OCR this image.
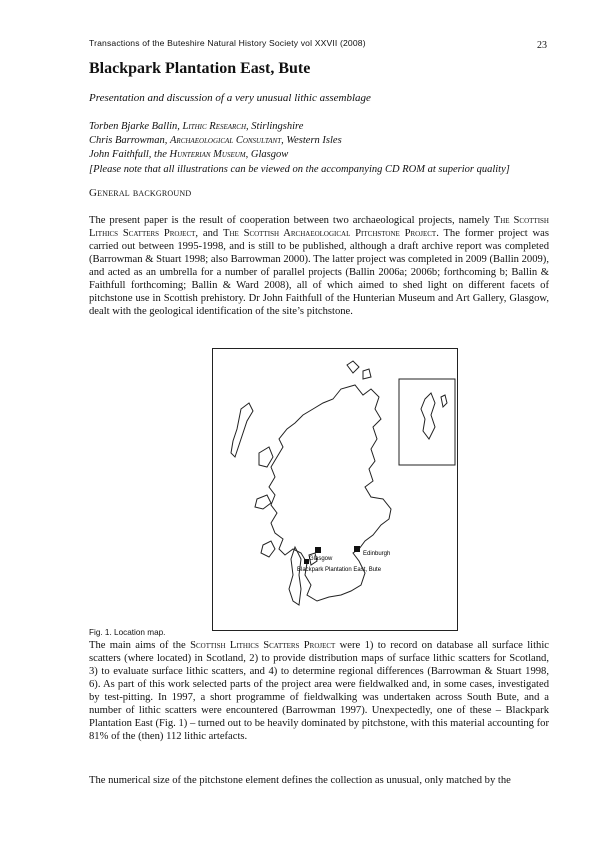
Transactions of the Buteshire Natural History Society vol XXVII (2008)	23
Blackpark Plantation East, Bute
Presentation and discussion of a very unusual lithic assemblage
Torben Bjarke Ballin, Lithic Research, Stirlingshire
Chris Barrowman, Archaeological Consultant, Western Isles
John Faithfull, the Hunterian Museum, Glasgow
[Please note that all illustrations can be viewed on the accompanying CD ROM at superior quality]
General background
The present paper is the result of cooperation between two archaeological projects, namely The Scottish Lithics Scatters Project, and The Scottish Archaeological Pitchstone Project. The former project was carried out between 1995-1998, and is still to be published, although a draft archive report was completed (Barrowman & Stuart 1998; also Barrowman 2000). The latter project was completed in 2009 (Ballin 2009), and acted as an umbrella for a number of parallel projects (Ballin 2006a; 2006b; forthcoming b; Ballin & Faithfull forthcoming; Ballin & Ward 2008), all of which aimed to shed light on different facets of pitchstone use in Scottish prehistory. Dr John Faithfull of the Hunterian Museum and Art Gallery, Glasgow, dealt with the geological identification of the site’s pitchstone.
Glasgow
Edinburgh
Blackpark Plantation East, Bute
Fig. 1. Location map.
The main aims of the Scottish Lithics Scatters Project were 1) to record on database all surface lithic scatters (where located) in Scotland, 2) to provide distribution maps of surface lithic scatters for Scotland, 3) to evaluate surface lithic scatters, and 4) to determine regional differences (Barrowman & Stuart 1998, 6). As part of this work selected parts of the project area were fieldwalked and, in some cases, investigated by test-pitting. In 1997, a short programme of fieldwalking was undertaken across South Bute, and a number of lithic scatters were encountered (Barrowman 1997). Unexpectedly, one of these – Blackpark Plantation East (Fig. 1) – turned out to be heavily dominated by pitchstone, with this material accounting for 81% of the (then) 112 lithic artefacts.
The numerical size of the pitchstone element defines the collection as unusual, only matched by the
